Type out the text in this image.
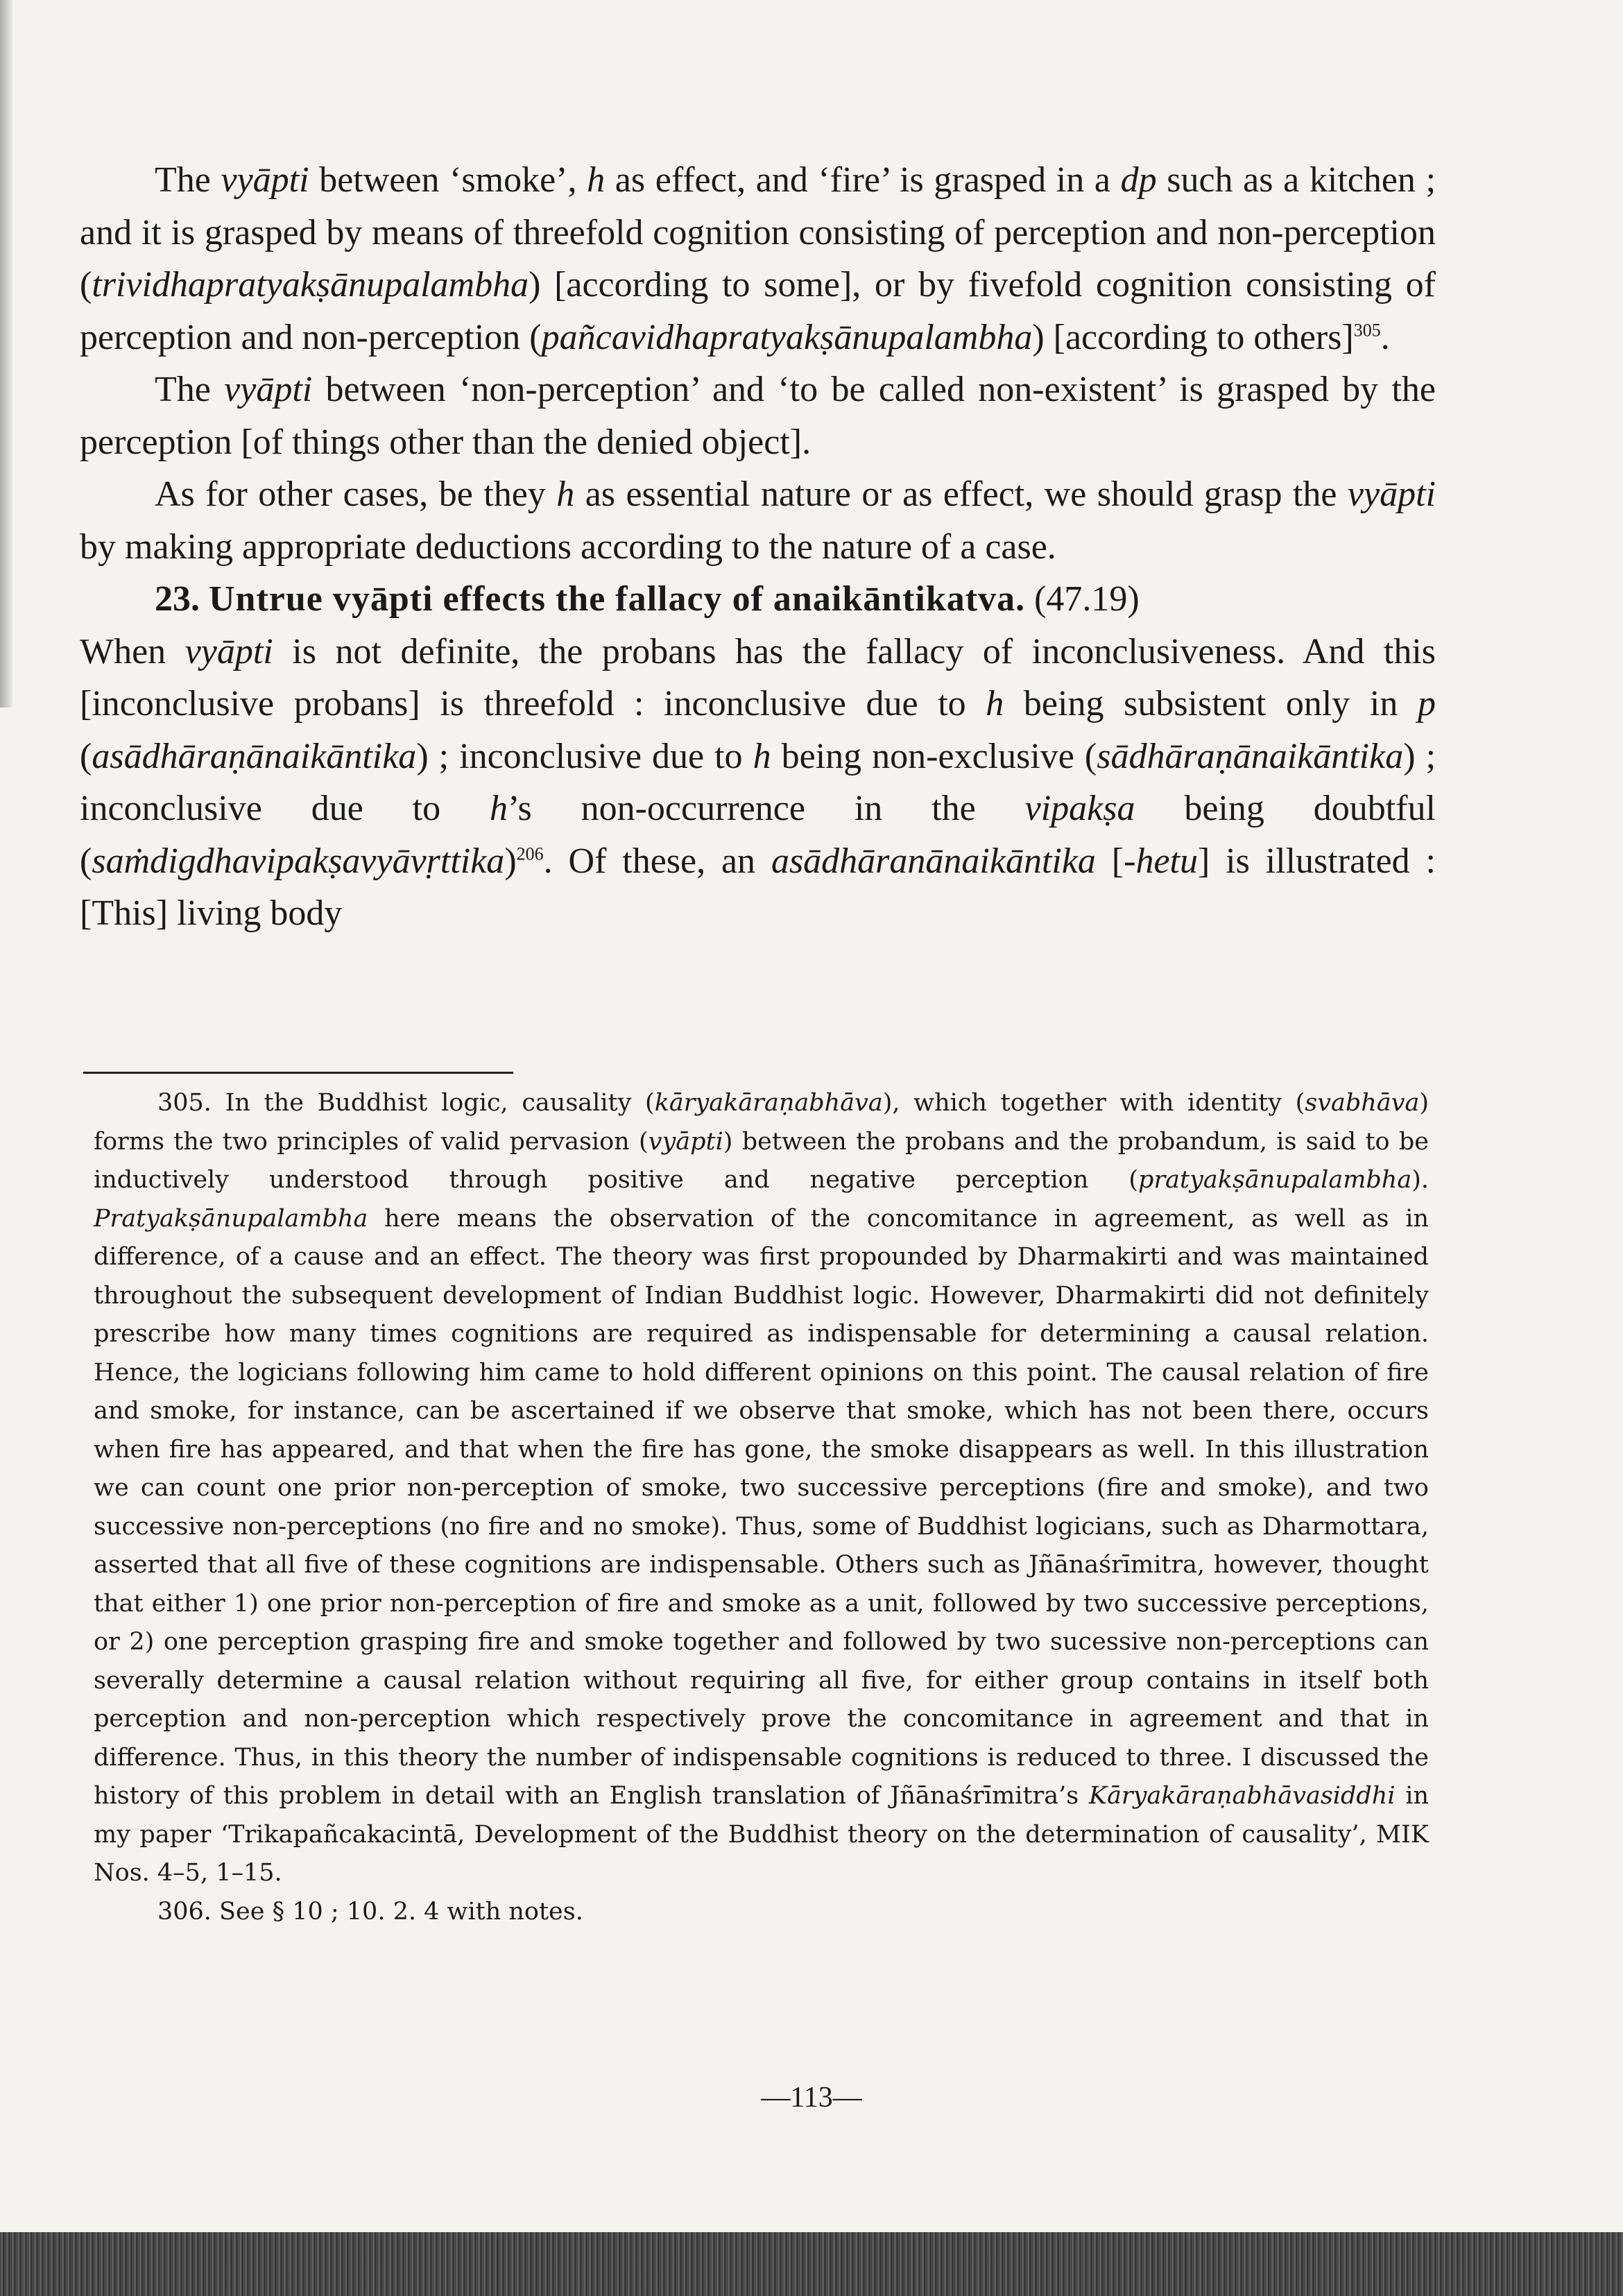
The vyāpti between ‘smoke’, h as effect, and ‘fire’ is grasped in a dp such as a kitchen ; and it is grasped by means of threefold cognition consisting of perception and non-perception (trividhapratyakṣānupalambha) [according to some], or by fivefold cognition consisting of perception and non-perception (pañcavidhapratyakṣānupalambha) [according to others]$^{305}$.

The vyāpti between ‘non-perception’ and ‘to be called non-existent’ is grasped by the perception [of things other than the denied object].

As for other cases, be they h as essential nature or as effect, we should grasp the vyāpti by making appropriate deductions according to the nature of a case.

23. Untrue vyāpti effects the fallacy of anaikāntikatva. (47.19)

When vyāpti is not definite, the probans has the fallacy of inconclusiveness. And this [inconclusive probans] is threefold : inconclusive due to h being subsistent only in p (asādhāraṇānaikāntika) ; inconclusive due to h being non-exclusive (sādhāraṇānaikāntika) ; inconclusive due to h’s non-occurrence in the vipakṣa being doubtful (saṁdigdhavipakṣavyāvṛttika)$^{206}$. Of these, an asādhāranānaikāntika [-hetu] is illustrated : [This] living body

305. In the Buddhist logic, causality (kāryakāraṇabhāva), which together with identity (svabhāva) forms the two principles of valid pervasion (vyāpti) between the probans and the probandum, is said to be inductively understood through positive and negative perception (pratyakṣānupalambha). Pratyakṣānupalambha here means the observation of the concomitance in agreement, as well as in difference, of a cause and an effect. The theory was first propounded by Dharmakirti and was maintained throughout the subsequent development of Indian Buddhist logic. However, Dharmakirti did not definitely prescribe how many times cognitions are required as indispensable for determining a causal relation. Hence, the logicians following him came to hold different opinions on this point. The causal relation of fire and smoke, for instance, can be ascertained if we observe that smoke, which has not been there, occurs when fire has appeared, and that when the fire has gone, the smoke disappears as well. In this illustration we can count one prior non-perception of smoke, two successive perceptions (fire and smoke), and two successive non-perceptions (no fire and no smoke). Thus, some of Buddhist logicians, such as Dharmottara, asserted that all five of these cognitions are indispensable. Others such as Jñānaśrīmitra, however, thought that either 1) one prior non-perception of fire and smoke as a unit, followed by two successive perceptions, or 2) one perception grasping fire and smoke together and followed by two sucessive non-perceptions can severally determine a causal relation without requiring all five, for either group contains in itself both perception and non-perception which respectively prove the concomitance in agreement and that in difference. Thus, in this theory the number of indispensable cognitions is reduced to three. I discussed the history of this problem in detail with an English translation of Jñānaśrīmitra’s Kāryakāraṇabhāvasiddhi in my paper ‘Trikapañcakacintā, Development of the Buddhist theory on the determination of causality’, MIK Nos. 4–5, 1–15.

306. See § 10 ; 10. 2. 4 with notes.

—113—
